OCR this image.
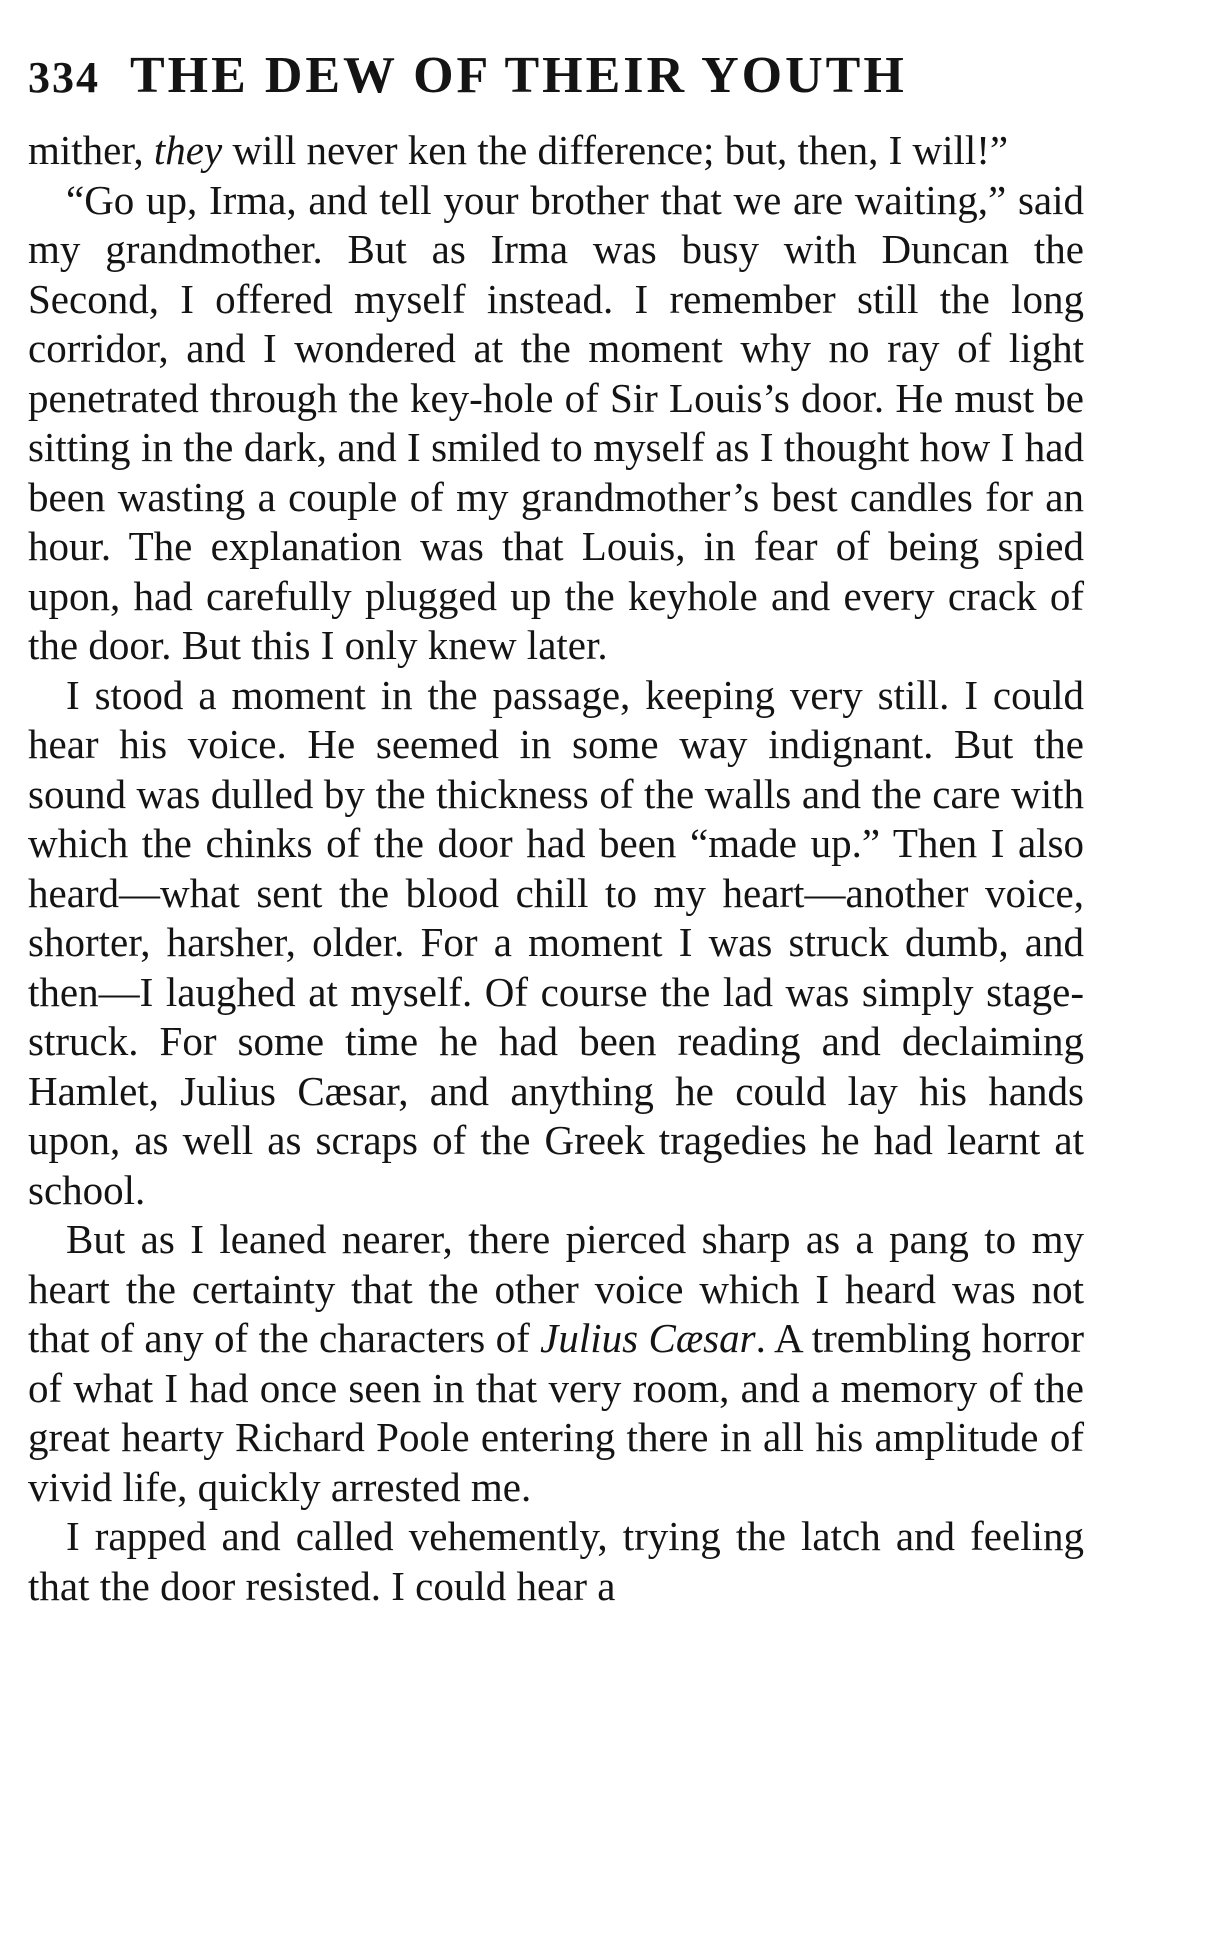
334 THE DEW OF THEIR YOUTH

mither, they will never ken the difference; but, then, I will!”

“Go up, Irma, and tell your brother that we are waiting,” said my grandmother. But as Irma was busy with Duncan the Second, I offered myself instead. I remember still the long corridor, and I wondered at the moment why no ray of light penetrated through the key-hole of Sir Louis’s door. He must be sitting in the dark, and I smiled to myself as I thought how I had been wasting a couple of my grandmother’s best candles for an hour. The explanation was that Louis, in fear of being spied upon, had carefully plugged up the keyhole and every crack of the door. But this I only knew later.

I stood a moment in the passage, keeping very still. I could hear his voice. He seemed in some way indignant. But the sound was dulled by the thickness of the walls and the care with which the chinks of the door had been “made up.” Then I also heard—what sent the blood chill to my heart—another voice, shorter, harsher, older. For a moment I was struck dumb, and then—I laughed at myself. Of course the lad was simply stage-struck. For some time he had been reading and declaiming Hamlet, Julius Cæsar, and anything he could lay his hands upon, as well as scraps of the Greek tragedies he had learnt at school.

But as I leaned nearer, there pierced sharp as a pang to my heart the certainty that the other voice which I heard was not that of any of the characters of Julius Cæsar. A trembling horror of what I had once seen in that very room, and a memory of the great hearty Richard Poole entering there in all his amplitude of vivid life, quickly arrested me.

I rapped and called vehemently, trying the latch and feeling that the door resisted. I could hear a
